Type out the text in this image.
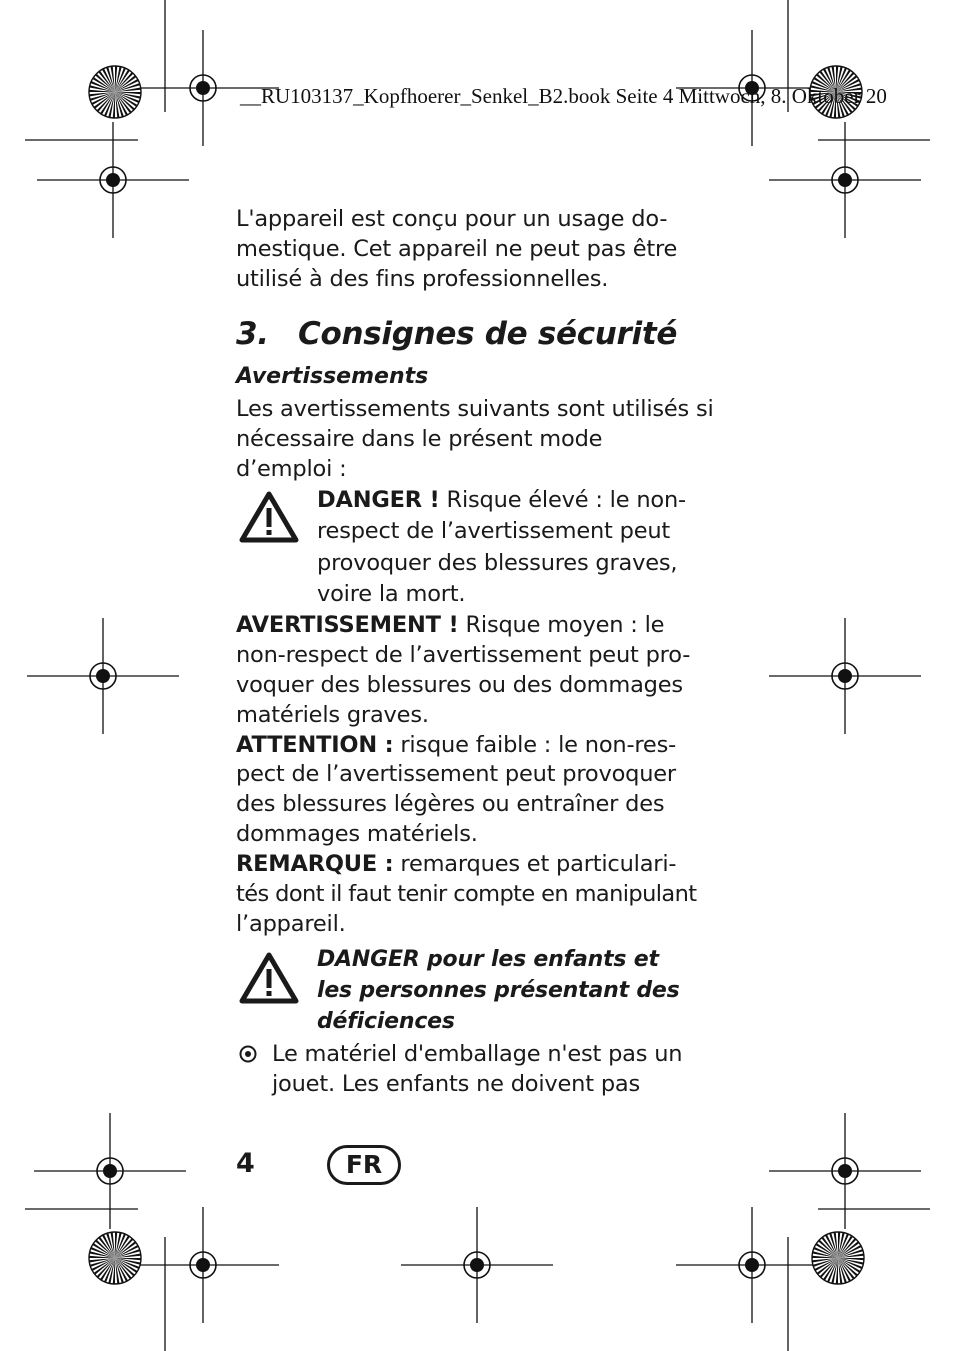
__RU103137_Kopfhoerer_Senkel_B2.book Seite 4 Mittwoch, 8. Oktober 20
L'appareil est conçu pour un usage do-
mestique. Cet appareil ne peut pas être
utilisé à des fins professionnelles.
3. Consignes de sécurité
Avertissements
Les avertissements suivants sont utilisés si
nécessaire dans le présent mode
d’emploi :
DANGER ! Risque élevé : le non-
respect de l’avertissement peut
provoquer des blessures graves,
voire la mort.
AVERTISSEMENT ! Risque moyen : le
non-respect de l’avertissement peut pro-
voquer des blessures ou des dommages
matériels graves.
ATTENTION : risque faible : le non-res-
pect de l’avertissement peut provoquer
des blessures légères ou entraîner des
dommages matériels.
REMARQUE : remarques et particulari-
tés dont il faut tenir compte en manipulant
l’appareil.
DANGER pour les enfants et
les personnes présentant des
déficiences
Le matériel d'emballage n'est pas un
jouet. Les enfants ne doivent pas
4	FR
